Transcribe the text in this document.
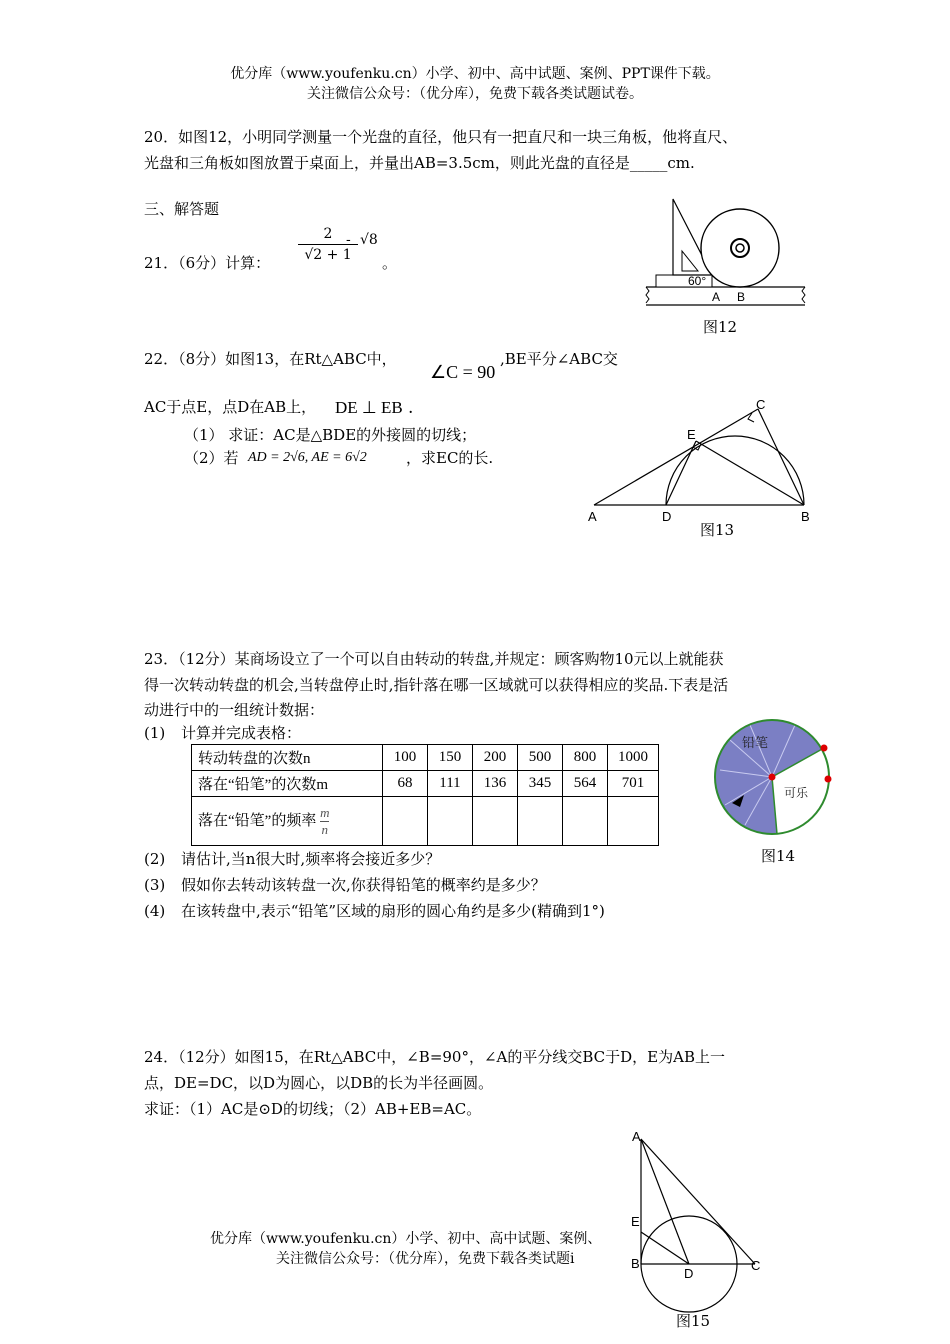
优分库（www.youfenku.cn）小学、初中、高中试题、案例、PPT课件下载。
关注微信公众号：（优分库），免费下载各类试题试卷。
20．如图12，小明同学测量一个光盘的直径，他只有一把直尺和一块三角板，他将直尺、
光盘和三角板如图放置于桌面上，并量出AB=3.5cm，则此光盘的直径是_____cm.
三、解答题
21．（6分）计算：
2
√2 + 1
- √8
。
60°
A B
图12
22．（8分）如图13，在Rt△ABC中，
∠C = 90
,BE平分∠ABC交
AC于点E，点D在AB上， DE ⊥ EB .
（1） 求证：AC是△BDE的外接圆的切线；
（2）若 AD = 2√6, AE = 6√2	，求EC的长.
A	D	B
C
E
图13
23．（12分）某商场设立了一个可以自由转动的转盘,并规定：顾客购物10元以上就能获
得一次转动转盘的机会,当转盘停止时,指针落在哪一区域就可以获得相应的奖品.下表是活
动进行中的一组统计数据：
(1) 计算并完成表格：
转动转盘的次数n	100	150	200	500	800	1000
落在“铅笔”的次数m	68	111	136	345	564	701
落在“铅笔”的频率 $\frac{m}{n}$

(2) 请估计,当n很大时,频率将会接近多少？
(3) 假如你去转动该转盘一次,你获得铅笔的概率约是多少？
(4) 在该转盘中,表示“铅笔”区域的扇形的圆心角约是多少(精确到1°)
铅笔
可乐
图14
24．（12分）如图15，在Rt△ABC中，∠B=90°，∠A的平分线交BC于D，E为AB上一
点，DE=DC，以D为圆心，以DB的长为半径画圆。
求证：（1）AC是⊙D的切线；（2）AB+EB=AC。
A
E
B
D
C
图15
优分库（www.youfenku.cn）小学、初中、高中试题、案例、
关注微信公众号：（优分库），免费下载各类试题i
